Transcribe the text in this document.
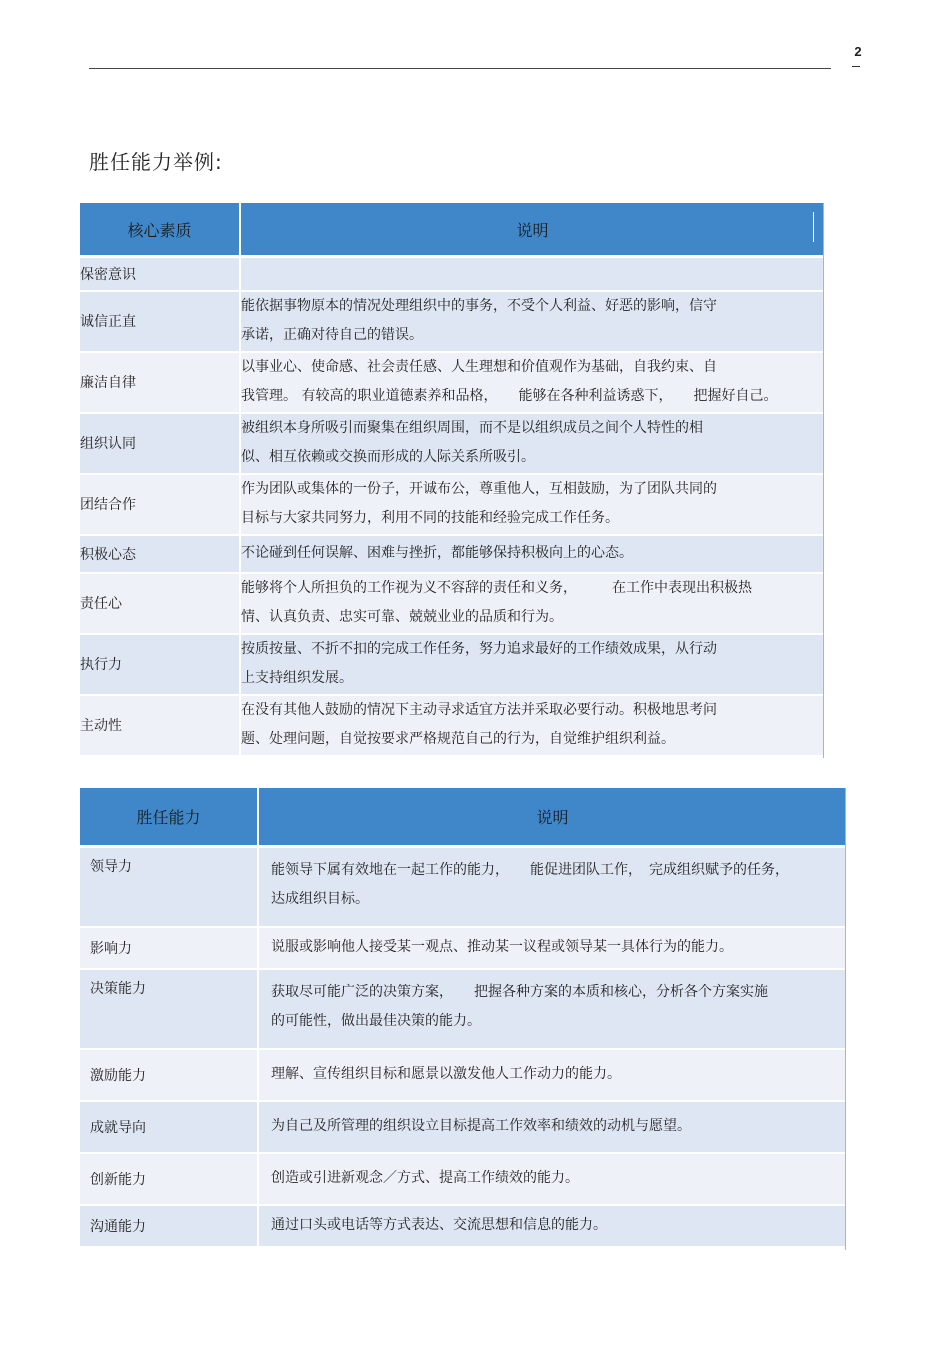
2
胜任能力举例:
核心素质	说明
保密意识	
诚信正直	能依据事物原本的情况处理组织中的事务，不受个人利益、好恶的影响，信守
承诺，正确对待自己的错误。

廉洁自律	以事业心、使命感、社会责任感、人生理想和价值观作为基础，自我约束、自
我管理。 有较高的职业道德素养和品格，　　能够在各种利益诱惑下，　　把握好自己。

组织认同	被组织本身所吸引而聚集在组织周围，而不是以组织成员之间个人特性的相
似、相互依赖或交换而形成的人际关系所吸引。

团结合作	作为团队或集体的一份子，开诚布公，尊重他人，互相鼓励，为了团队共同的
目标与大家共同努力，利用不同的技能和经验完成工作任务。

积极心态	不论碰到任何误解、困难与挫折，都能够保持积极向上的心态。

责任心	能够将个人所担负的工作视为义不容辞的责任和义务，　　　在工作中表现出积极热
情、认真负责、忠实可靠、兢兢业业的品质和行为。

执行力	按质按量、不折不扣的完成工作任务，努力追求最好的工作绩效成果，从行动
上支持组织发展。

主动性	在没有其他人鼓励的情况下主动寻求适宜方法并采取必要行动。积极地思考问
题、处理问题，自觉按要求严格规范自己的行为，自觉维护组织利益。
胜任能力	说明
领导力	能领导下属有效地在一起工作的能力，　　能促进团队工作，　完成组织赋予的任务，
达成组织目标。

影响力	说服或影响他人接受某一观点、推动某一议程或领导某一具体行为的能力。

决策能力	获取尽可能广泛的决策方案，　　把握各种方案的本质和核心，分析各个方案实施
的可能性，做出最佳决策的能力。

激励能力	理解、宣传组织目标和愿景以激发他人工作动力的能力。

成就导向	为自己及所管理的组织设立目标提高工作效率和绩效的动机与愿望。

创新能力	创造或引进新观念／方式、提高工作绩效的能力。

沟通能力	通过口头或电话等方式表达、交流思想和信息的能力。
